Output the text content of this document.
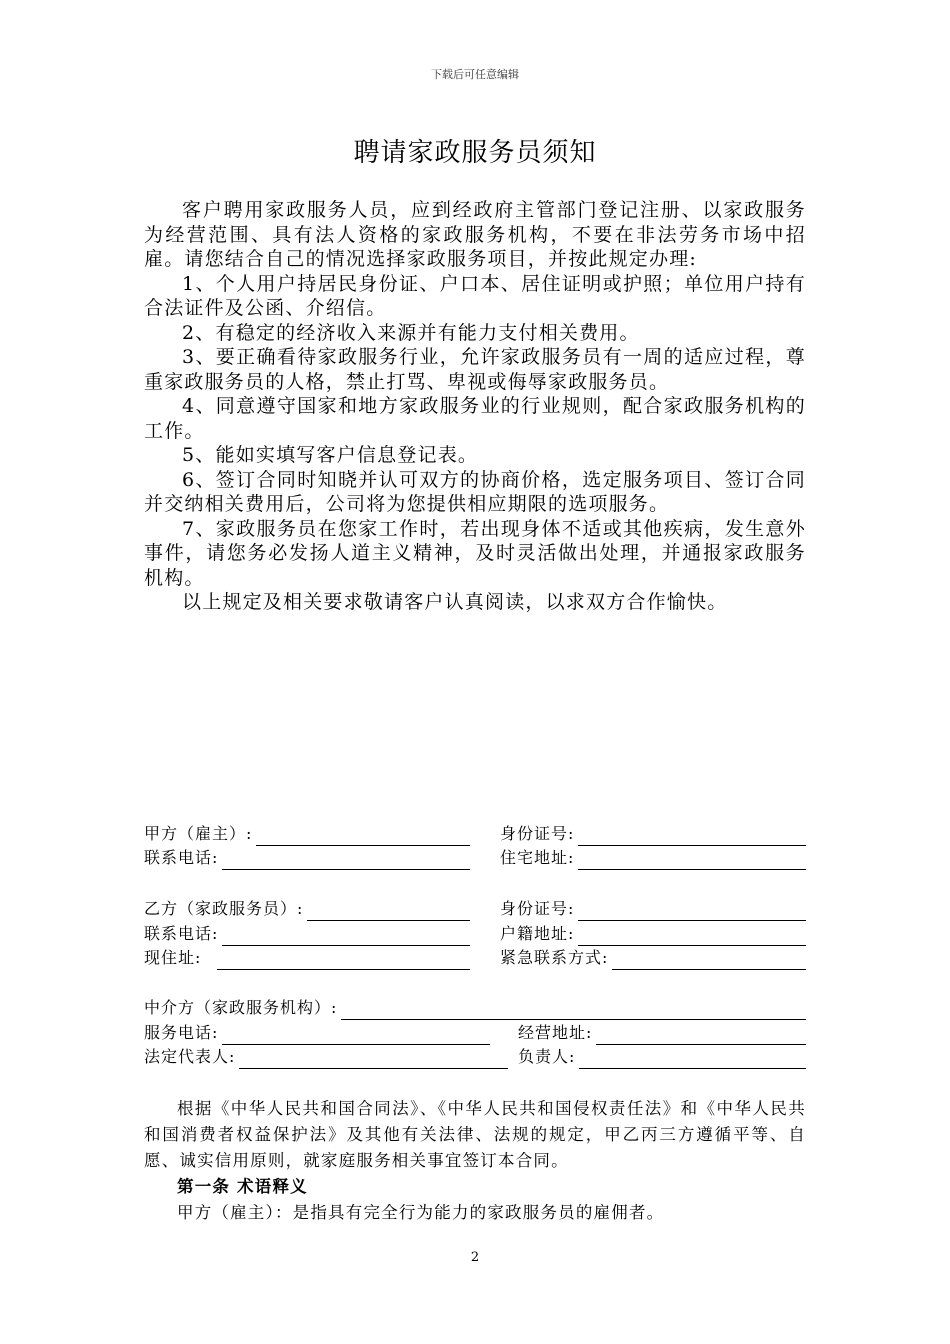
下载后可任意编辑
聘请家政服务员须知

客户聘用家政服务人员，应到经政府主管部门登记注册、以家政服务为经营范围、具有法人资格的家政服务机构，不要在非法劳务市场中招雇。请您结合自己的情况选择家政服务项目，并按此规定办理:

1、个人用户持居民身份证、户口本、居住证明或护照；单位用户持有合法证件及公函、介绍信。

2、有稳定的经济收入来源并有能力支付相关费用。

3、要正确看待家政服务行业，允许家政服务员有一周的适应过程，尊重家政服务员的人格，禁止打骂、卑视或侮辱家政服务员。

4、同意遵守国家和地方家政服务业的行业规则，配合家政服务机构的工作。

5、能如实填写客户信息登记表。

6、签订合同时知晓并认可双方的协商价格，选定服务项目、签订合同并交纳相关费用后，公司将为您提供相应期限的选项服务。

7、家政服务员在您家工作时，若出现身体不适或其他疾病，发生意外事件，请您务必发扬人道主义精神，及时灵活做出处理，并通报家政服务机构。

以上规定及相关要求敬请客户认真阅读，以求双方合作愉快。

甲方（雇主）:	身份证号:
联系电话:	住宅地址:
乙方（家政服务员）:	身份证号:
联系电话:	户籍地址:
现住址:	紧急联系方式:
中介方（家政服务机构）:
服务电话:	经营地址:
法定代表人:	负责人:

根据《中华人民共和国合同法》、《中华人民共和国侵权责任法》和《中华人民共和国消费者权益保护法》及其他有关法律、法规的规定，甲乙丙三方遵循平等、自愿、诚实信用原则，就家庭服务相关事宜签订本合同。

第一条 术语释义

甲方（雇主）：是指具有完全行为能力的家政服务员的雇佣者。

2
